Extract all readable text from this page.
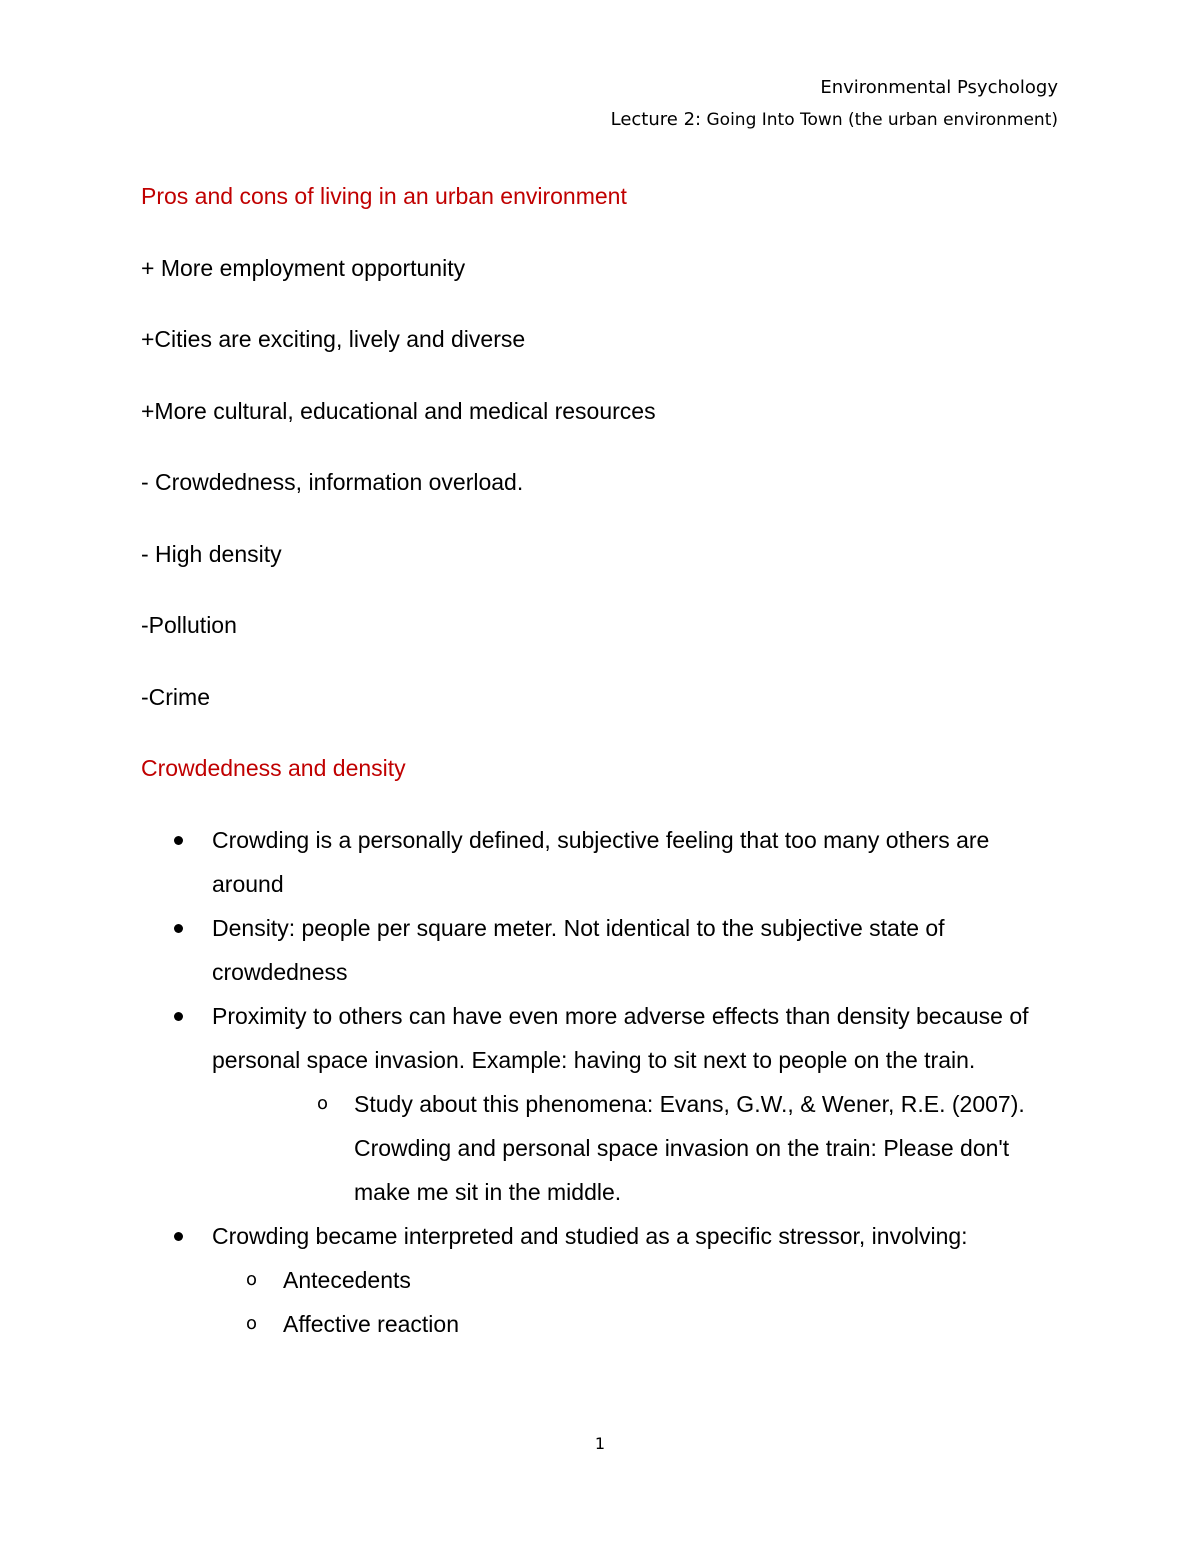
Environmental Psychology
Lecture 2: Going Into Town (the urban environment)

Pros and cons of living in an urban environment

+ More employment opportunity

+Cities are exciting, lively and diverse

+More cultural, educational and medical resources

- Crowdedness, information overload.

- High density

-Pollution

-Crime

Crowdedness and density

Crowding is a personally defined, subjective feeling that too many others are around
Density: people per square meter. Not identical to the subjective state of crowdedness
Proximity to others can have even more adverse effects than density because of personal space invasion. Example: having to sit next to people on the train.
o Study about this phenomena: Evans, G.W., & Wener, R.E. (2007). Crowding and personal space invasion on the train: Please don't make me sit in the middle.
Crowding became interpreted and studied as a specific stressor, involving:
o Antecedents
o Affective reaction
1
